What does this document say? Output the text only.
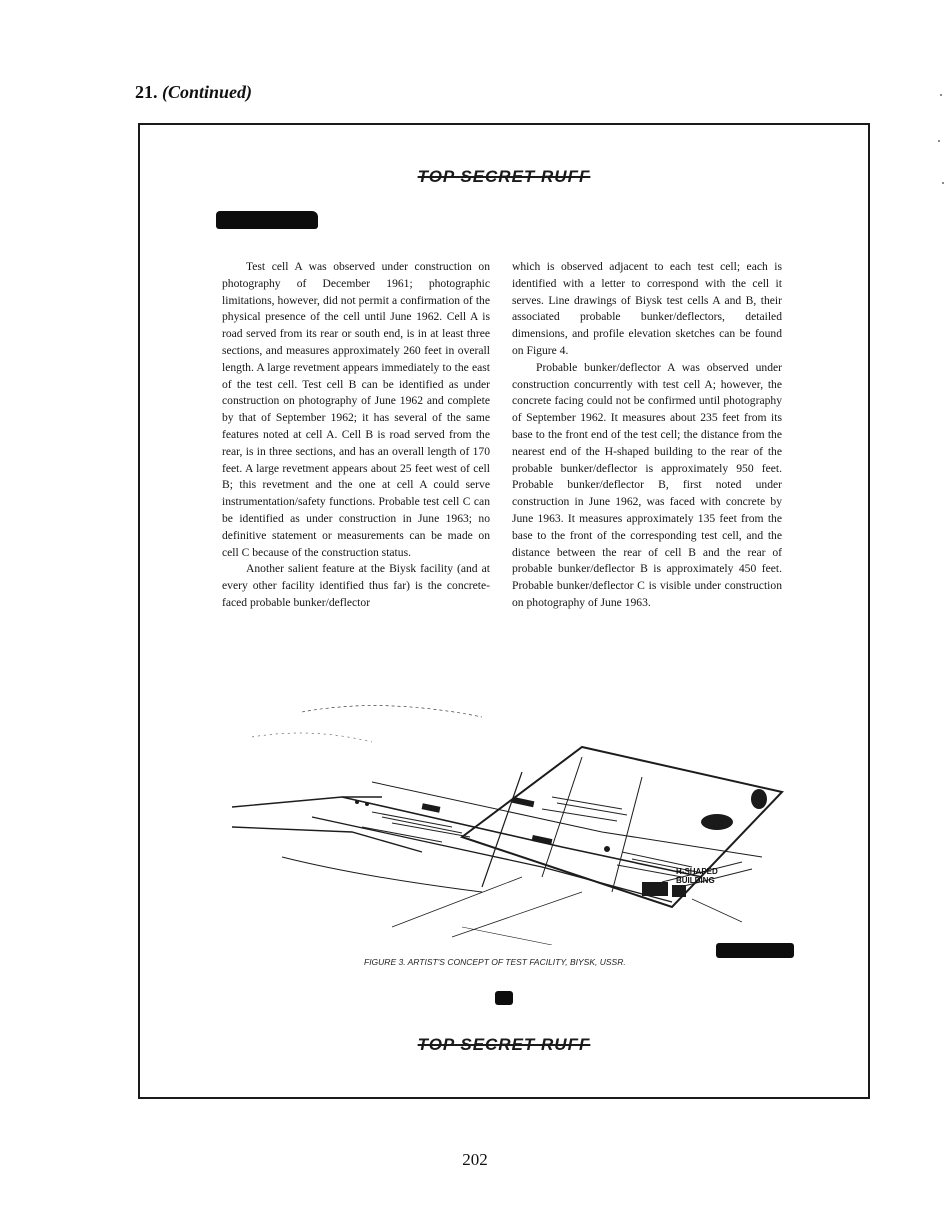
21. (Continued)
TOP SECRET RUFF

Test cell A was observed under construction on photography of December 1961; photographic limitations, however, did not permit a confirmation of the physical presence of the cell until June 1962. Cell A is road served from its rear or south end, is in at least three sections, and measures approximately 260 feet in overall length. A large revetment appears immediately to the east of the test cell. Test cell B can be identified as under construction on photography of June 1962 and complete by that of September 1962; it has several of the same features noted at cell A. Cell B is road served from the rear, is in three sections, and has an overall length of 170 feet. A large revetment appears about 25 feet west of cell B; this revetment and the one at cell A could serve instrumentation/safety functions. Probable test cell C can be identified as under construction in June 1963; no definitive statement or measurements can be made on cell C because of the construction status.

Another salient feature at the Biysk facility (and at every other facility identified thus far) is the concrete-faced probable bunker/deflector

which is observed adjacent to each test cell; each is identified with a letter to correspond with the cell it serves. Line drawings of Biysk test cells A and B, their associated probable bunker/deflectors, detailed dimensions, and profile elevation sketches can be found on Figure 4.

Probable bunker/deflector A was observed under construction concurrently with test cell A; however, the concrete facing could not be confirmed until photography of September 1962. It measures about 235 feet from its base to the front end of the test cell; the distance from the nearest end of the H-shaped building to the rear of the probable bunker/deflector is approximately 950 feet. Probable bunker/deflector B, first noted under construction in June 1962, was faced with concrete by June 1963. It measures approximately 135 feet from the base to the front of the corresponding test cell, and the distance between the rear of cell B and the rear of probable bunker/deflector B is approximately 450 feet. Probable bunker/deflector C is visible under construction on photography of June 1963.

H-SHAPED
BUILDING
FIGURE 3. ARTIST'S CONCEPT OF TEST FACILITY, BIYSK, USSR.
TOP SECRET RUFF
202
